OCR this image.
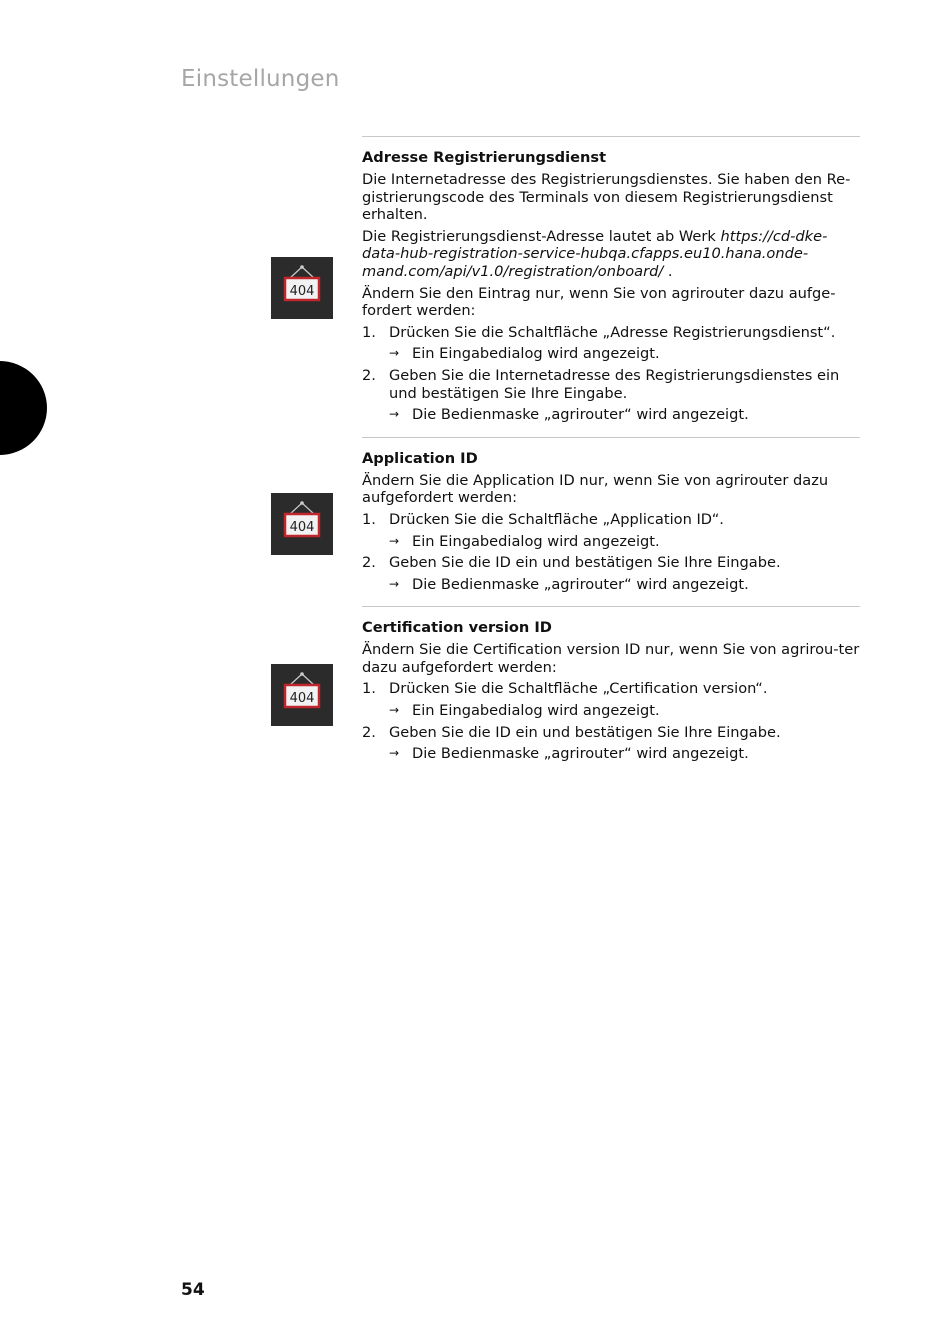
Einstellungen
404
404
404
Adresse Registrierungsdienst

Die Internetadresse des Registrierungsdienstes. Sie haben den Re-gistrierungscode des Terminals von diesem Registrierungsdienst erhalten.

Die Registrierungsdienst-Adresse lautet ab Werk https://cd-dke-data-hub-registration-service-hubqa.cfapps.eu10.hana.onde-mand.com/api/v1.0/registration/onboard/ .

Ändern Sie den Eintrag nur, wenn Sie von agrirouter dazu aufge-fordert werden:

1. Drücken Sie die Schaltfläche „Adresse Registrierungsdienst“.
→ Ein Eingabedialog wird angezeigt.
2. Geben Sie die Internetadresse des Registrierungsdienstes ein und bestätigen Sie Ihre Eingabe.
→ Die Bedienmaske „agrirouter“ wird angezeigt.
Application ID

Ändern Sie die Application ID nur, wenn Sie von agrirouter dazu aufgefordert werden:

1. Drücken Sie die Schaltfläche „Application ID“.
→ Ein Eingabedialog wird angezeigt.
2. Geben Sie die ID ein und bestätigen Sie Ihre Eingabe.
→ Die Bedienmaske „agrirouter“ wird angezeigt.
Certification version ID

Ändern Sie die Certification version ID nur, wenn Sie von agrirou-ter dazu aufgefordert werden:

1. Drücken Sie die Schaltfläche „Certification version“.
→ Ein Eingabedialog wird angezeigt.
2. Geben Sie die ID ein und bestätigen Sie Ihre Eingabe.
→ Die Bedienmaske „agrirouter“ wird angezeigt.
54
